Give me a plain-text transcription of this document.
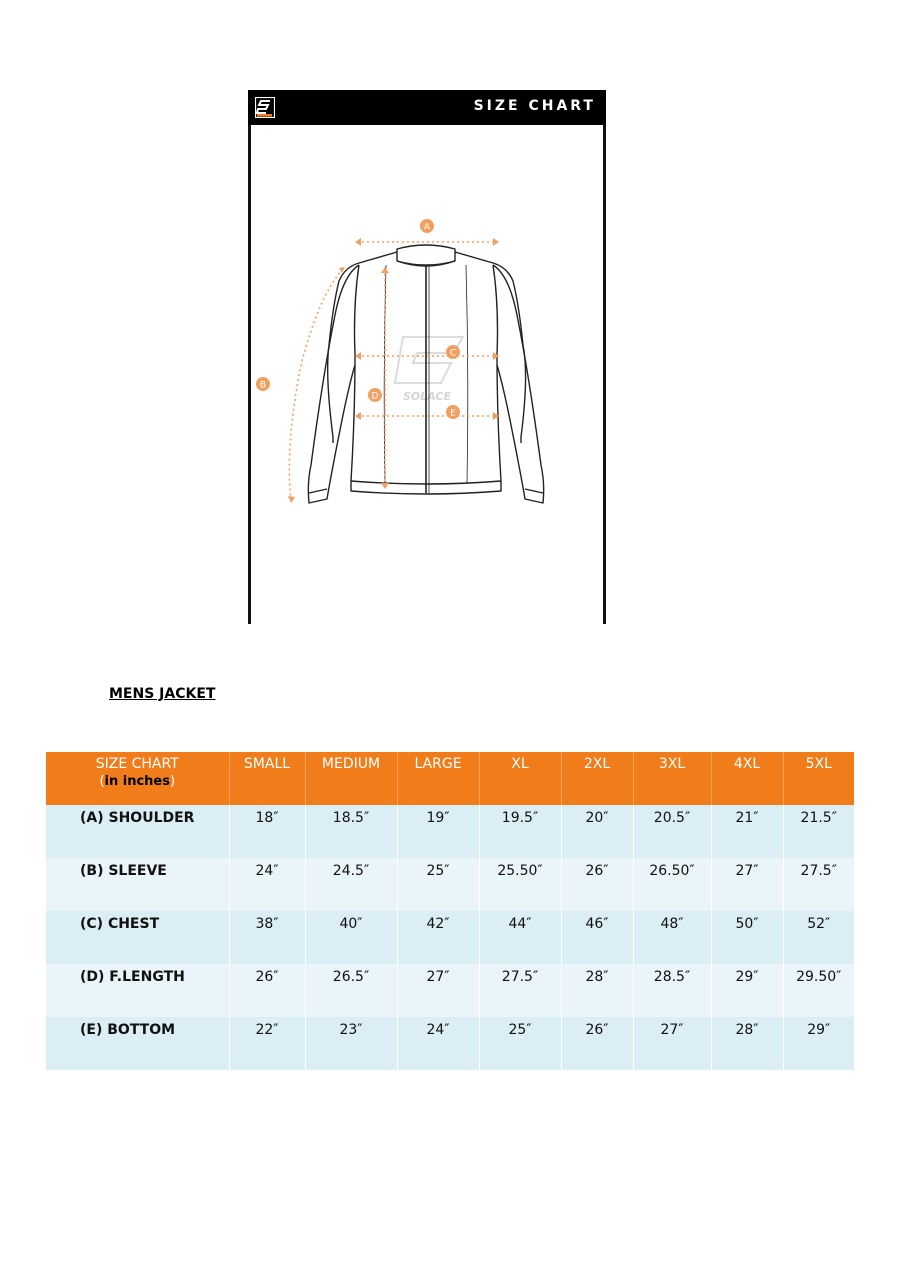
SIZE CHART
SOLACE
A
B
C
D
E
MENS JACKET
SIZE CHART
(in inches)	SMALL	MEDIUM	LARGE	XL	2XL	3XL	4XL	5XL
(A) SHOULDER	18″	18.5″	19″	19.5″	20″	20.5″	21″	21.5″
(B) SLEEVE	24″	24.5″	25″	25.50″	26″	26.50″	27″	27.5″
(C) CHEST	38″	40″	42″	44″	46″	48″	50″	52″
(D) F.LENGTH	26″	26.5″	27″	27.5″	28″	28.5″	29″	29.50″
(E) BOTTOM	22″	23″	24″	25″	26″	27″	28″	29″
